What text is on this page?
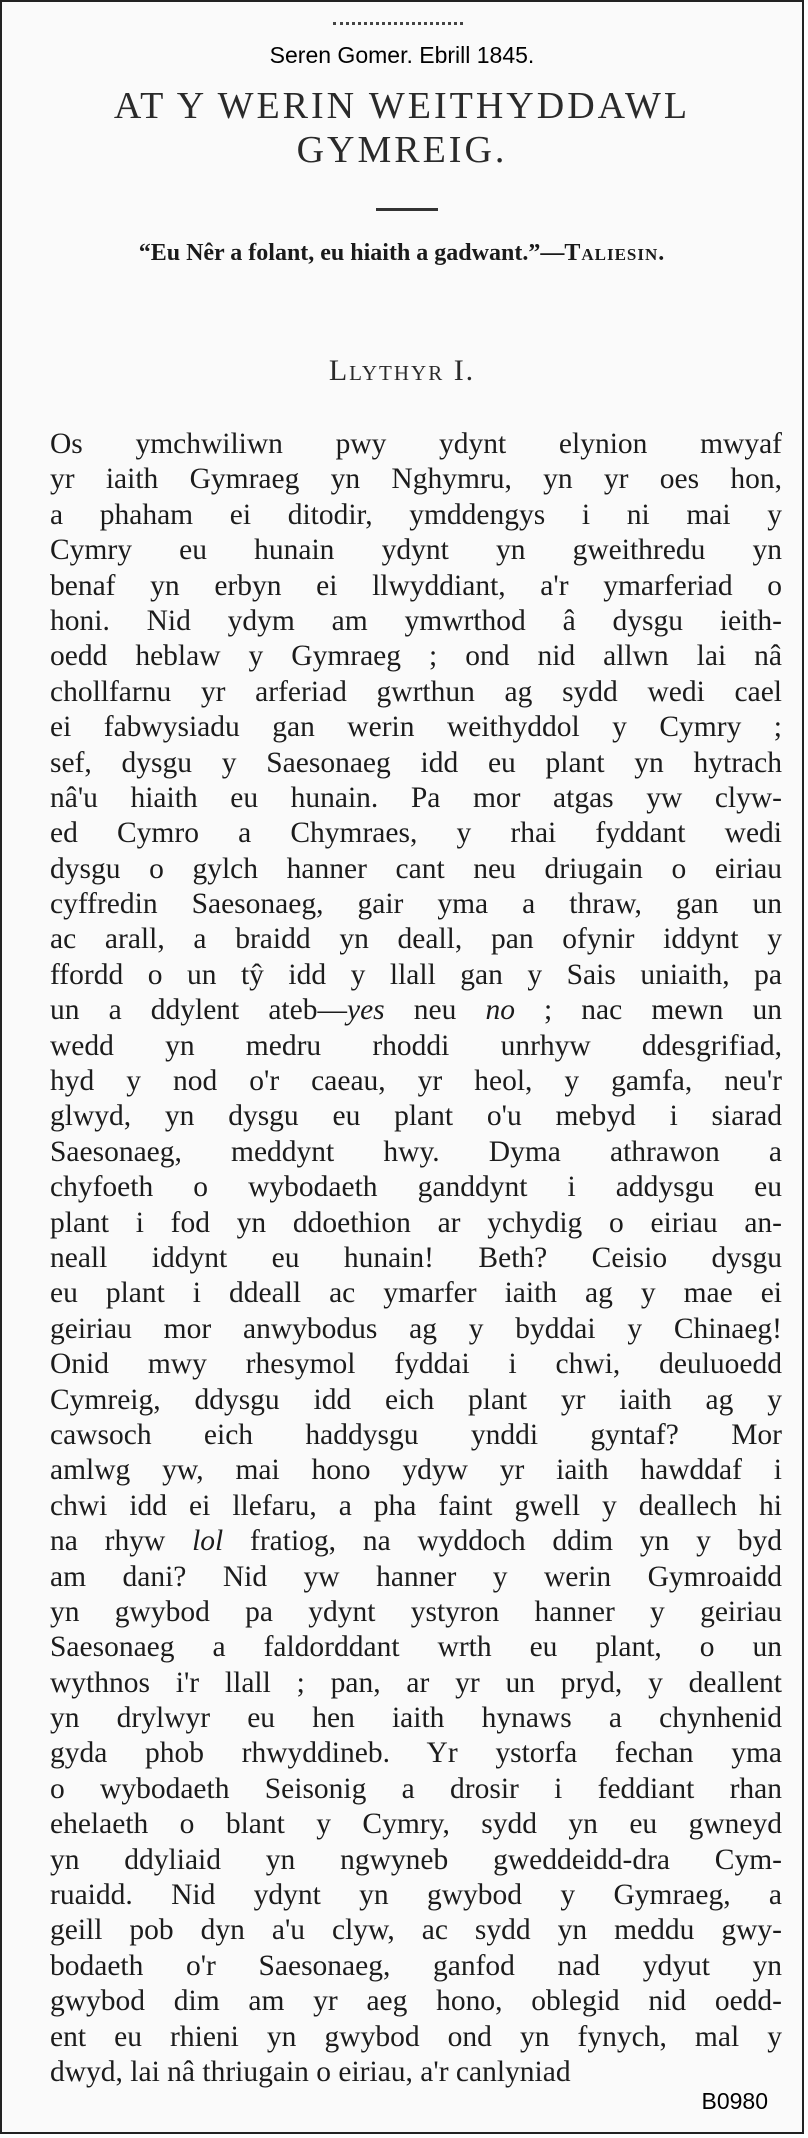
Seren Gomer. Ebrill 1845.
AT Y WERIN WEITHYDDAWL
GYMREIG.
“Eu Nêr a folant, eu hiaith a gadwant.”—Taliesin.
Llythyr I.
Os ymchwiliwn pwy ydynt elynion mwyaf
yr iaith Gymraeg yn Nghymru, yn yr oes hon,
a phaham ei ditodir, ymddengys i ni mai y
Cymry eu hunain ydynt yn gweithredu yn
benaf yn erbyn ei llwyddiant, a'r ymarferiad o
honi. Nid ydym am ymwrthod â dysgu ieith-
oedd heblaw y Gymraeg ; ond nid allwn lai nâ
chollfarnu yr arferiad gwrthun ag sydd wedi cael
ei fabwysiadu gan werin weithyddol y Cymry ;
sef, dysgu y Saesonaeg idd eu plant yn hytrach
nâ'u hiaith eu hunain. Pa mor atgas yw clyw-
ed Cymro a Chymraes, y rhai fyddant wedi
dysgu o gylch hanner cant neu driugain o eiriau
cyffredin Saesonaeg, gair yma a thraw, gan un
ac arall, a braidd yn deall, pan ofynir iddynt y
ffordd o un tŷ idd y llall gan y Sais uniaith, pa
un a ddylent ateb—yes neu no ; nac mewn un
wedd yn medru rhoddi unrhyw ddesgrifiad,
hyd y nod o'r caeau, yr heol, y gamfa, neu'r
glwyd, yn dysgu eu plant o'u mebyd i siarad
Saesonaeg, meddynt hwy. Dyma athrawon a
chyfoeth o wybodaeth ganddynt i addysgu eu
plant i fod yn ddoethion ar ychydig o eiriau an-
neall iddynt eu hunain! Beth? Ceisio dysgu
eu plant i ddeall ac ymarfer iaith ag y mae ei
geiriau mor anwybodus ag y byddai y Chinaeg!
Onid mwy rhesymol fyddai i chwi, deuluoedd
Cymreig, ddysgu idd eich plant yr iaith ag y
cawsoch eich haddysgu ynddi gyntaf? Mor
amlwg yw, mai hono ydyw yr iaith hawddaf i
chwi idd ei llefaru, a pha faint gwell y deallech hi
na rhyw lol fratiog, na wyddoch ddim yn y byd
am dani? Nid yw hanner y werin Gymroaidd
yn gwybod pa ydynt ystyron hanner y geiriau
Saesonaeg a faldorddant wrth eu plant, o un
wythnos i'r llall ; pan, ar yr un pryd, y deallent
yn drylwyr eu hen iaith hynaws a chynhenid
gyda phob rhwyddineb. Yr ystorfa fechan yma
o wybodaeth Seisonig a drosir i feddiant rhan
ehelaeth o blant y Cymry, sydd yn eu gwneyd
yn ddyliaid yn ngwyneb gweddeidd-dra Cym-
ruaidd. Nid ydynt yn gwybod y Gymraeg, a
geill pob dyn a'u clyw, ac sydd yn meddu gwy-
bodaeth o'r Saesonaeg, ganfod nad ydyut yn
gwybod dim am yr aeg hono, oblegid nid oedd-
ent eu rhieni yn gwybod ond yn fynych, mal y
dwyd, lai nâ thriugain o eiriau, a'r canlyniad
B0980
